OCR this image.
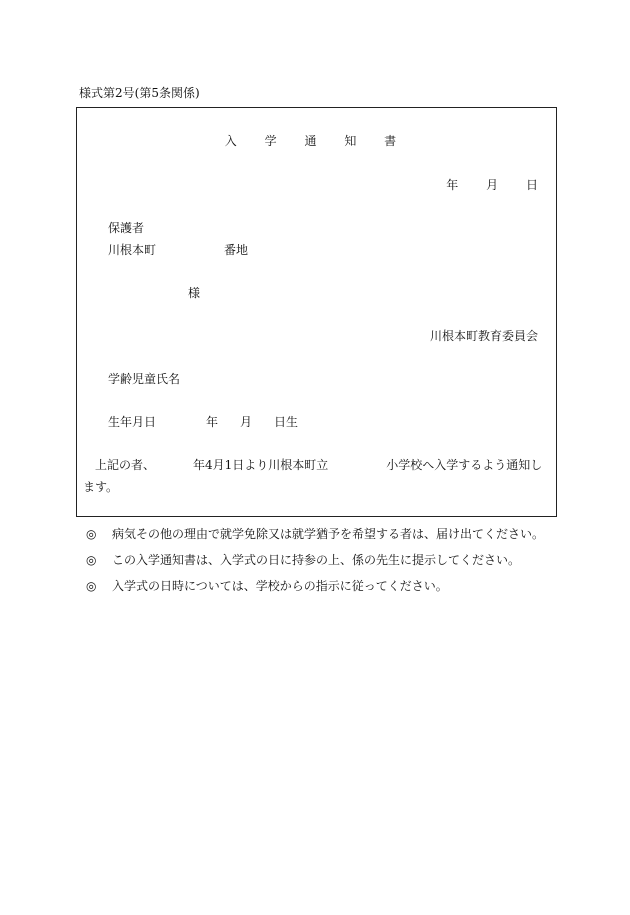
様式第2号(第5条関係)
入 学 通 知 書
年 月 日
保護者
川根本町	番地
様
川根本町教育委員会
学齢児童氏名
生年月日	年 月 日生
上記の者、	年4月1日より川根本町立	小学校へ入学するよう通知します。
◎ 病気その他の理由で就学免除又は就学猶予を希望する者は、届け出てください。
◎ この入学通知書は、入学式の日に持参の上、係の先生に提示してください。
◎ 入学式の日時については、学校からの指示に従ってください。
